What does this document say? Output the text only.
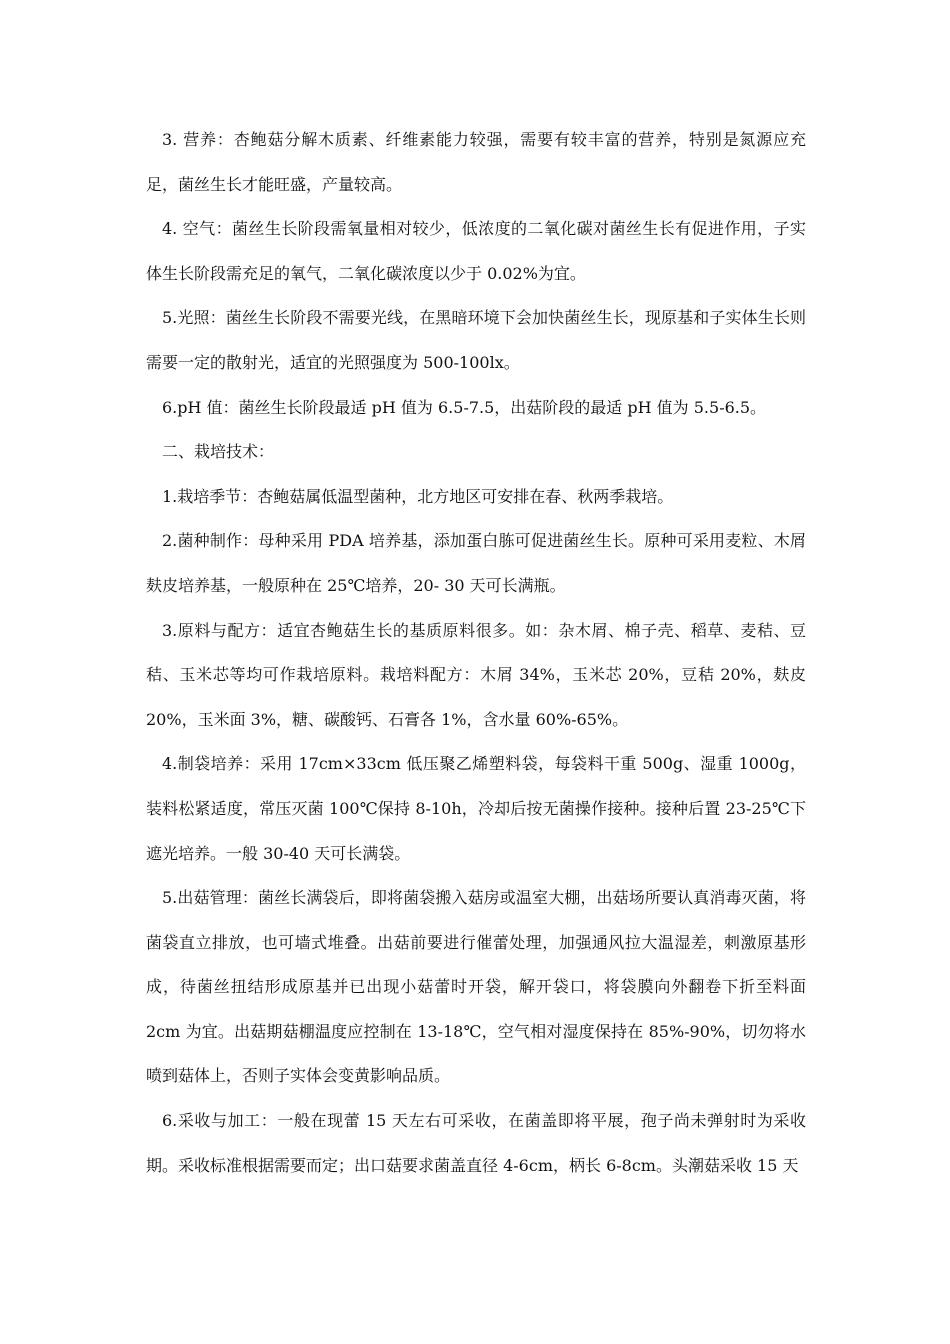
3. 营养：杏鲍菇分解木质素、纤维素能力较强，需要有较丰富的营养，特别是氮源应充足，菌丝生长才能旺盛，产量较高。

4. 空气：菌丝生长阶段需氧量相对较少，低浓度的二氧化碳对菌丝生长有促进作用，子实体生长阶段需充足的氧气，二氧化碳浓度以少于 0.02%为宜。

5.光照：菌丝生长阶段不需要光线，在黑暗环境下会加快菌丝生长，现原基和子实体生长则需要一定的散射光，适宜的光照强度为 500-100lx。

6.pH 值：菌丝生长阶段最适 pH 值为 6.5-7.5，出菇阶段的最适 pH 值为 5.5-6.5。

二、栽培技术：

1.栽培季节：杏鲍菇属低温型菌种，北方地区可安排在春、秋两季栽培。

2.菌种制作：母种采用 PDA 培养基，添加蛋白胨可促进菌丝生长。原种可采用麦粒、木屑麸皮培养基，一般原种在 25℃培养，20- 30 天可长满瓶。

3.原料与配方：适宜杏鲍菇生长的基质原料很多。如：杂木屑、棉子壳、稻草、麦秸、豆秸、玉米芯等均可作栽培原料。栽培料配方：木屑 34%，玉米芯 20%，豆秸 20%，麸皮 20%，玉米面 3%，糖、碳酸钙、石膏各 1%，含水量 60%-65%。

4.制袋培养：采用 17cm×33cm 低压聚乙烯塑料袋，每袋料干重 500g、湿重 1000g，装料松紧适度，常压灭菌 100℃保持 8-10h，冷却后按无菌操作接种。接种后置 23-25℃下遮光培养。一般 30-40 天可长满袋。

5.出菇管理：菌丝长满袋后，即将菌袋搬入菇房或温室大棚，出菇场所要认真消毒灭菌，将菌袋直立排放，也可墙式堆叠。出菇前要进行催蕾处理，加强通风拉大温湿差，刺激原基形成，待菌丝扭结形成原基并已出现小菇蕾时开袋，解开袋口，将袋膜向外翻卷下折至料面 2cm 为宜。出菇期菇棚温度应控制在 13-18℃，空气相对湿度保持在 85%-90%，切勿将水喷到菇体上，否则子实体会变黄影响品质。

6.采收与加工：一般在现蕾 15 天左右可采收，在菌盖即将平展，孢子尚未弹射时为采收期。采收标准根据需要而定；出口菇要求菌盖直径 4-6cm，柄长 6-8cm。头潮菇采收 15 天
